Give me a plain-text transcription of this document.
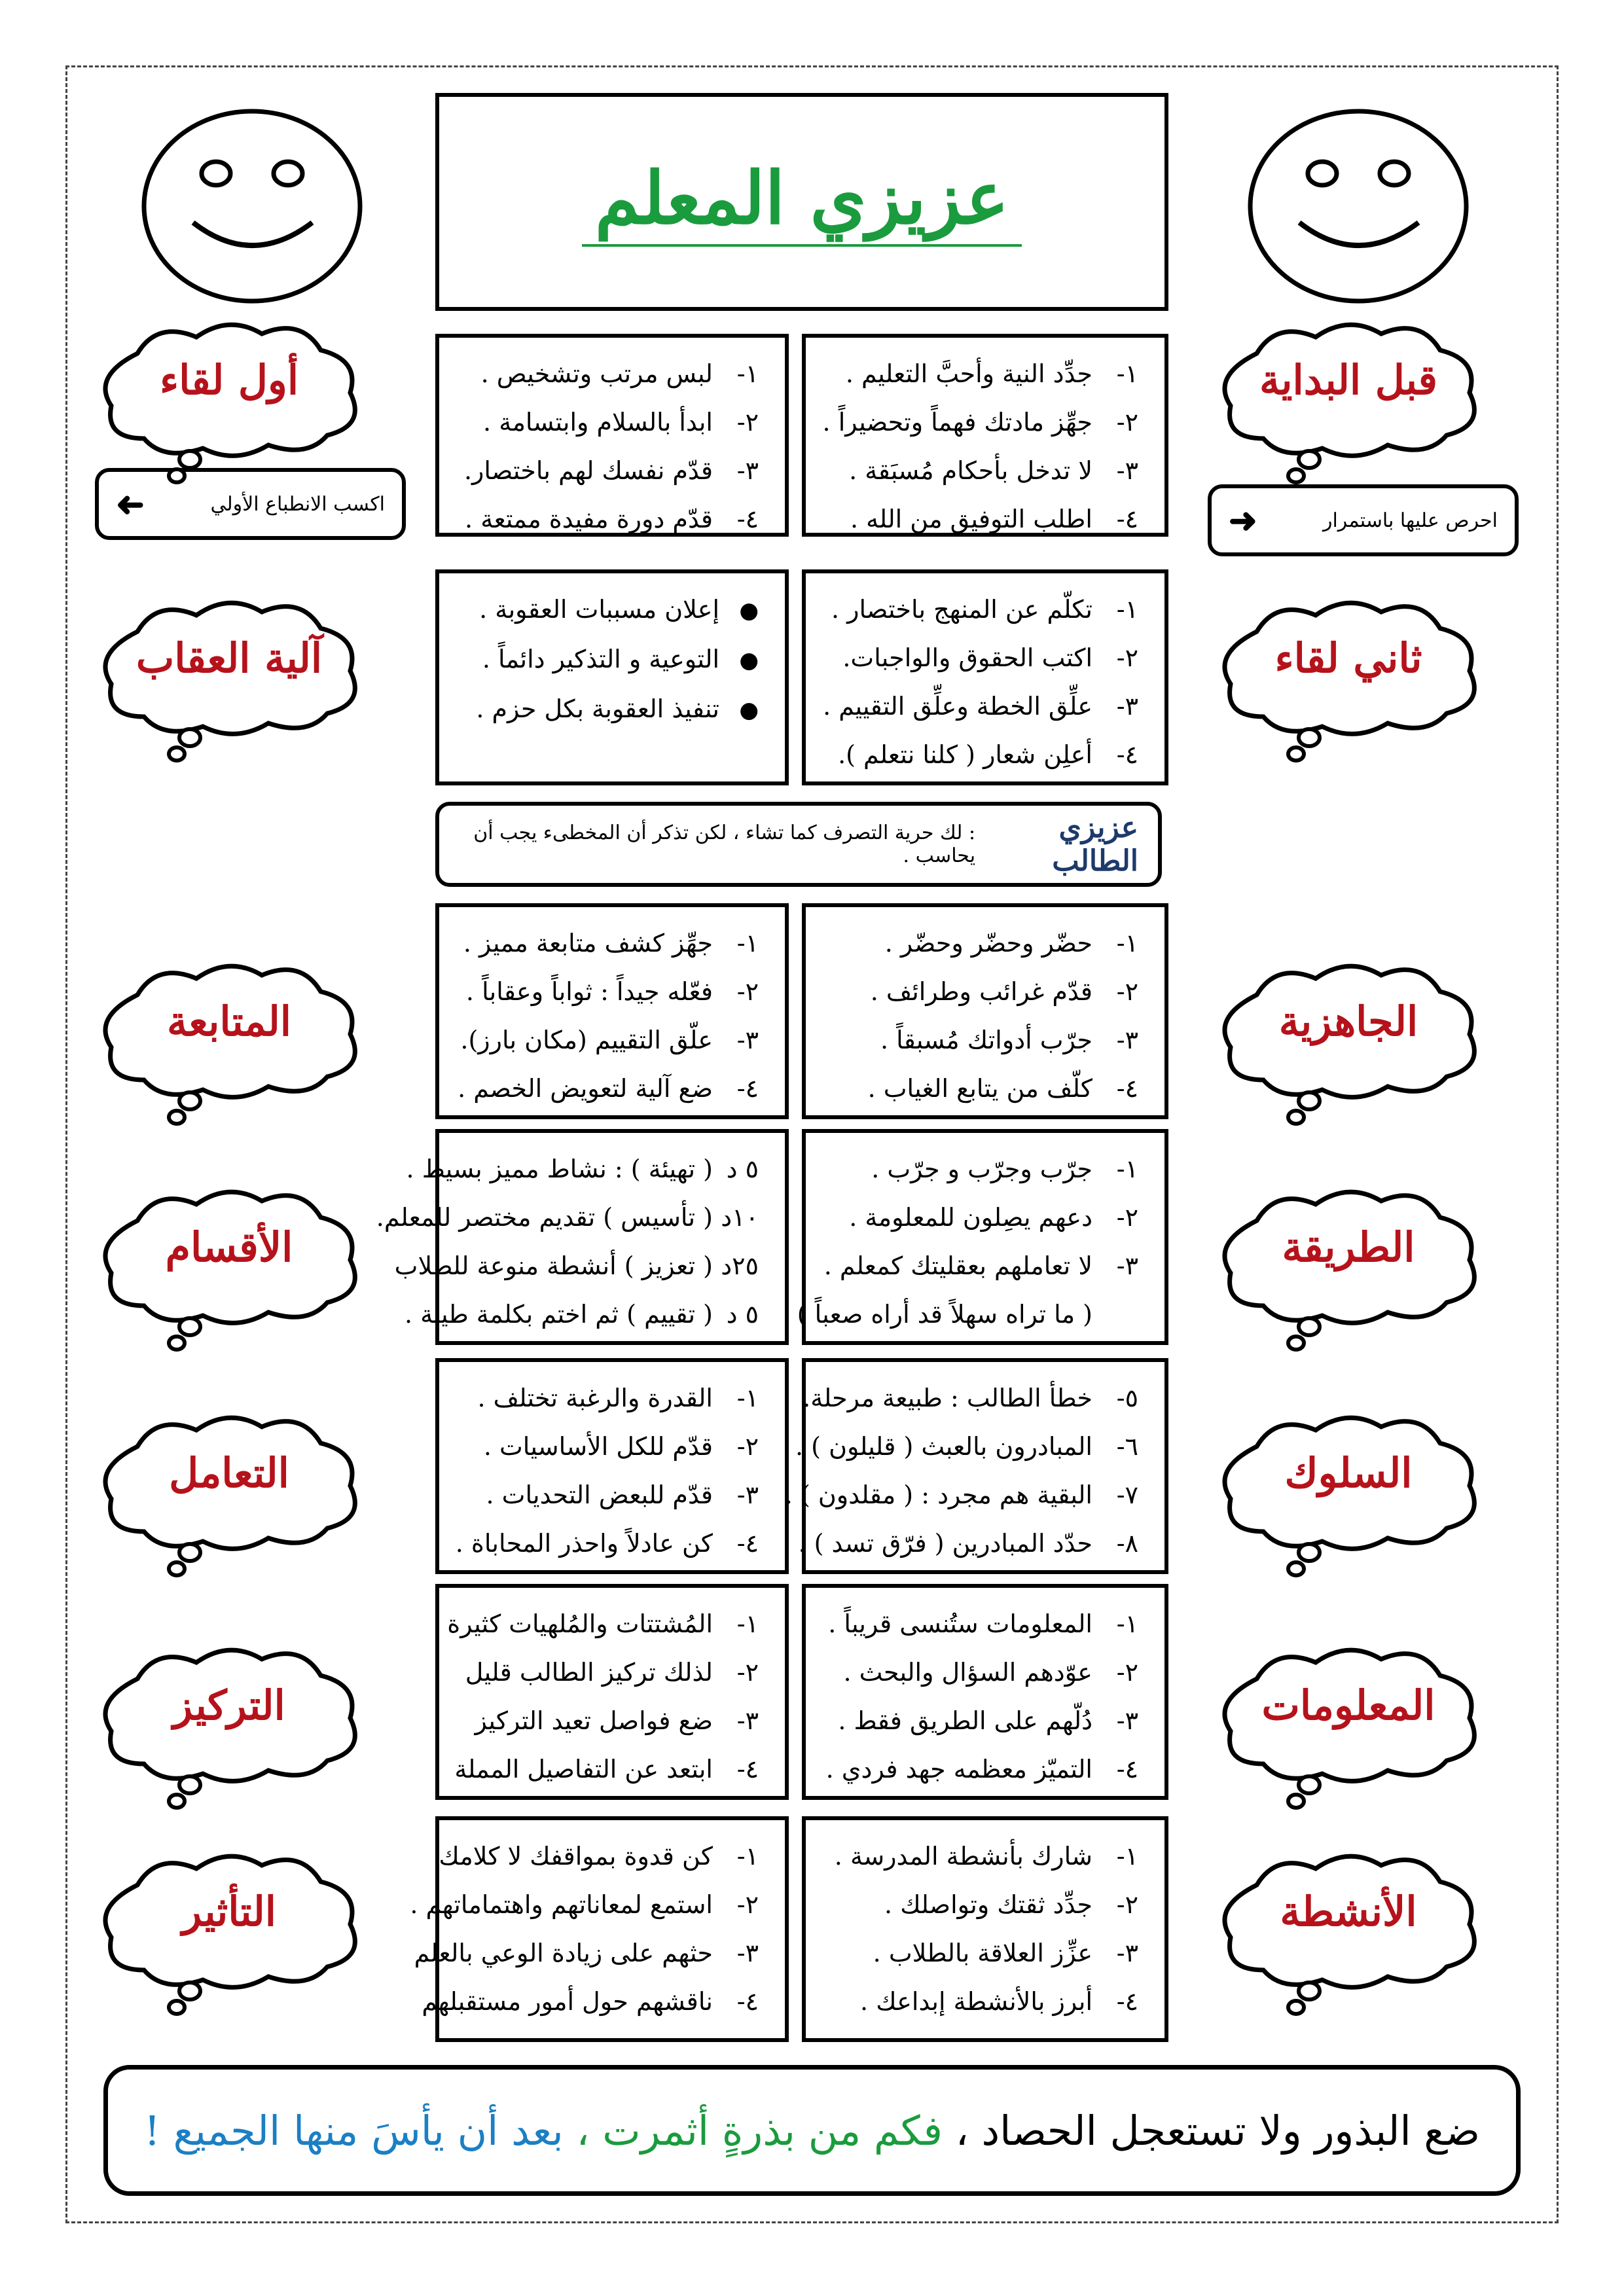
عزيزي المعلم
احرص عليها باستمرار
➜
اكسب الانطباع الأولي
➜
عزيزي الطالب
: لك حرية التصرف كما تشاء ، لكن تذكر أن المخطىء يجب أن يحاسب .
قبل البداية
١-جدِّد النية وأحبَّ التعليم .
٢-جهِّز مادتك فهماً وتحضيراً .
٣-لا تدخل بأحكام مُسبَقة .
٤-اطلب التوفيق من الله .
أول لقاء	١-لبس مرتب وتشخيص .
٢-ابدأ بالسلام وابتسامة .
٣-قدّم نفسك لهم باختصار.
٤-قدّم دورة مفيدة ممتعة .
ثاني لقاء
١-تكلّم عن المنهج باختصار .
٢-اكتب الحقوق والواجبات.
٣-علِّق الخطة وعلِّق التقييم .
٤-أعلِن شعار ( كلنا نتعلم ).
آلية العقاب
●إعلان مسببات العقوبة .
●التوعية و التذكير دائماً .
●تنفيذ العقوبة بكل حزم .
الجاهزية
١-حضّر وحضّر وحضّر .
٢-قدّم غرائب وطرائف .
٣-جرّب أدواتك مُسبقاً .
٤-كلّف من يتابع الغياب .
المتابعة
١-جهِّز كشف متابعة مميز .
٢-فعّله جيداً : ثواباً وعقاباً .
٣-علّق التقييم (مكان بارز).
٤-ضع آلية لتعويض الخصم .
الطريقة
١-جرّب وجرّب و جرّب .
٢-دعهم يصِلون للمعلومة .
٣-لا تعاملهم بعقليتك كمعلم .
( ما تراه سهلاً قد أراه صعباً )
الأقسام
٥ د( تهيئة ) : نشاط مميز بسيط .
١٠د( تأسيس ) تقديم مختصر للمعلم.
٢٥د( تعزيز ) أنشطة منوعة للطلاب
٥ د( تقييم ) ثم اختم بكلمة طيبة .
السلوك
٥-خطأ الطالب : طبيعة مرحلة.
٦-المبادرون بالعبث ( قليلون ) .
٧-البقية هم مجرد : ( مقلدون ) .
٨-حدّد المبادرين ( فرّق تسد ) .
التعامل
١-القدرة والرغبة تختلف .
٢-قدّم للكل الأساسيات .
٣-قدّم للبعض التحديات .
٤-كن عادلاً واحذر المحاباة .
المعلومات
١-المعلومات ستُنسى قريباً .
٢-عوّدهم السؤال والبحث .
٣-دُلّهم على الطريق فقط .
٤-التميّز معظمه جهد فردي .
التركيز
١-المُشتتات والمُلهيات كثيرة
٢-لذلك تركيز الطالب قليل
٣-ضع فواصل تعيد التركيز
٤-ابتعد عن التفاصيل المملة
الأنشطة
١-شارك بأنشطة المدرسة .
٢-جدِّد ثقتك وتواصلك .
٣-عزِّز العلاقة بالطلاب .
٤-أبرز بالأنشطة إبداعك .
التأثير
١-كن قدوة بمواقفك لا كلامك
٢-استمع لمعاناتهم واهتماماتهم .
٣-حثهم على زيادة الوعي بالعلم
٤-ناقشهم حول أمور مستقبلهم
ضع البذور ولا تستعجل الحصاد ،

فكم من بذرةٍ أثمرت ،

بعد أن يأسَ منها الجميع !
